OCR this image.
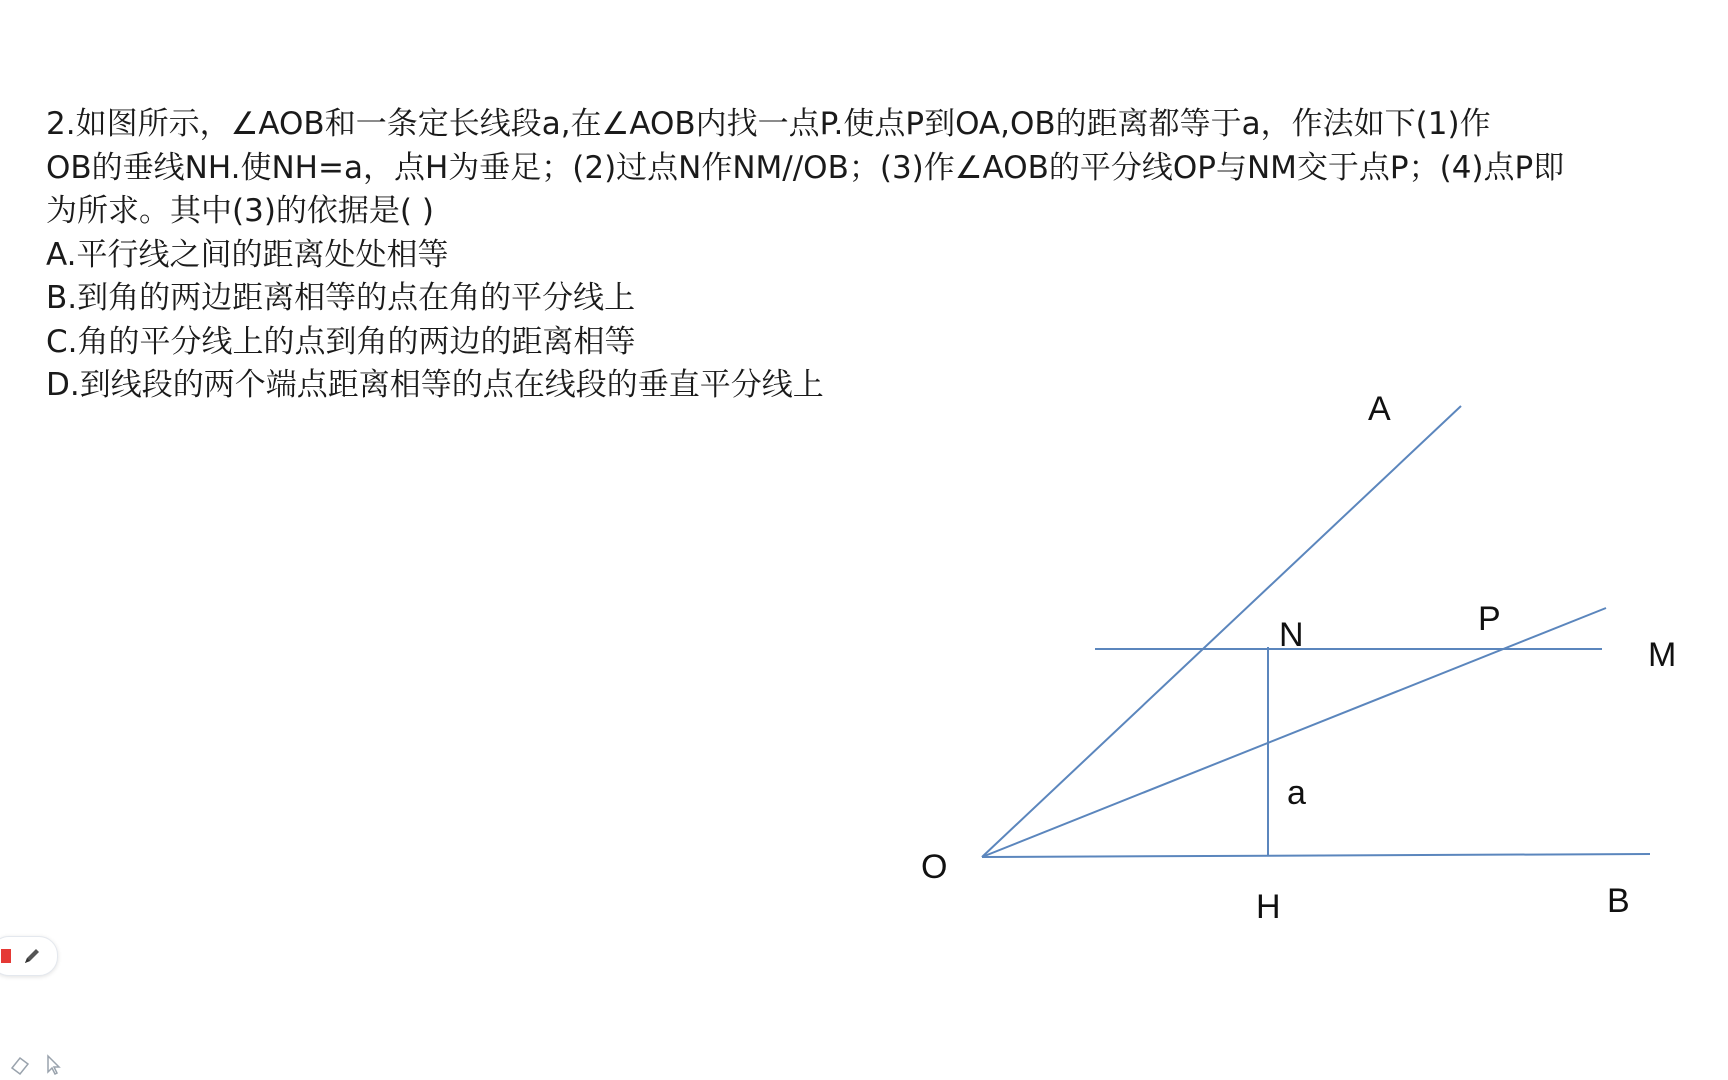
2.如图所示，∠AOB和一条定长线段a,在∠AOB内找一点P.使点P到OA,OB的距离都等于a，作法如下(1)作
OB的垂线NH.使NH=a，点H为垂足；(2)过点N作NM//OB；(3)作∠AOB的平分线OP与NM交于点P；(4)点P即
为所求。其中(3)的依据是( )
A.平行线之间的距离处处相等
B.到角的两边距离相等的点在角的平分线上
C.角的平分线上的点到角的两边的距离相等
D.到线段的两个端点距离相等的点在线段的垂直平分线上
A
N	P
M
a
O
H	B
